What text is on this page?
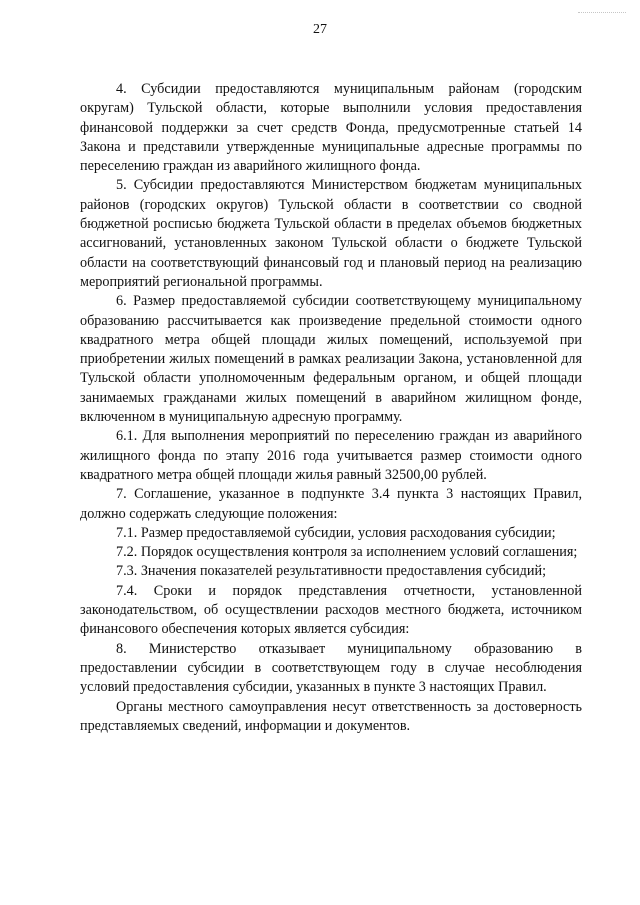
27

4. Субсидии предоставляются муниципальным районам (городским округам) Тульской области, которые выполнили условия предоставления финансовой поддержки за счет средств Фонда, предусмотренные статьей 14 Закона и представили утвержденные муниципальные адресные программы по переселению граждан из аварийного жилищного фонда.

5. Субсидии предоставляются Министерством бюджетам муниципальных районов (городских округов) Тульской области в соответствии со сводной бюджетной росписью бюджета Тульской области в пределах объемов бюджетных ассигнований, установленных законом Тульской области о бюджете Тульской области на соответствующий финансовый год и плановый период на реализацию мероприятий региональной программы.

6. Размер предоставляемой субсидии соответствующему муниципальному образованию рассчитывается как произведение предельной стоимости одного квадратного метра общей площади жилых помещений, используемой при приобретении жилых помещений в рамках реализации Закона, установленной для Тульской области уполномоченным федеральным органом, и общей площади занимаемых гражданами жилых помещений в аварийном жилищном фонде, включенном в муниципальную адресную программу.

6.1. Для выполнения мероприятий по переселению граждан из аварийного жилищного фонда по этапу 2016 года учитывается размер стоимости одного квадратного метра общей площади жилья равный 32500,00 рублей.

7. Соглашение, указанное в подпункте 3.4 пункта 3 настоящих Правил, должно содержать следующие положения:

7.1. Размер предоставляемой субсидии, условия расходования субсидии;

7.2. Порядок осуществления контроля за исполнением условий соглашения;

7.3. Значения показателей результативности предоставления субсидий;

7.4. Сроки и порядок представления отчетности, установленной законодательством, об осуществлении расходов местного бюджета, источником финансового обеспечения которых является субсидия:

8. Министерство отказывает муниципальному образованию в предоставлении субсидии в соответствующем году в случае несоблюдения условий предоставления субсидии, указанных в пункте 3 настоящих Правил.

Органы местного самоуправления несут ответственность за достоверность представляемых сведений, информации и документов.
